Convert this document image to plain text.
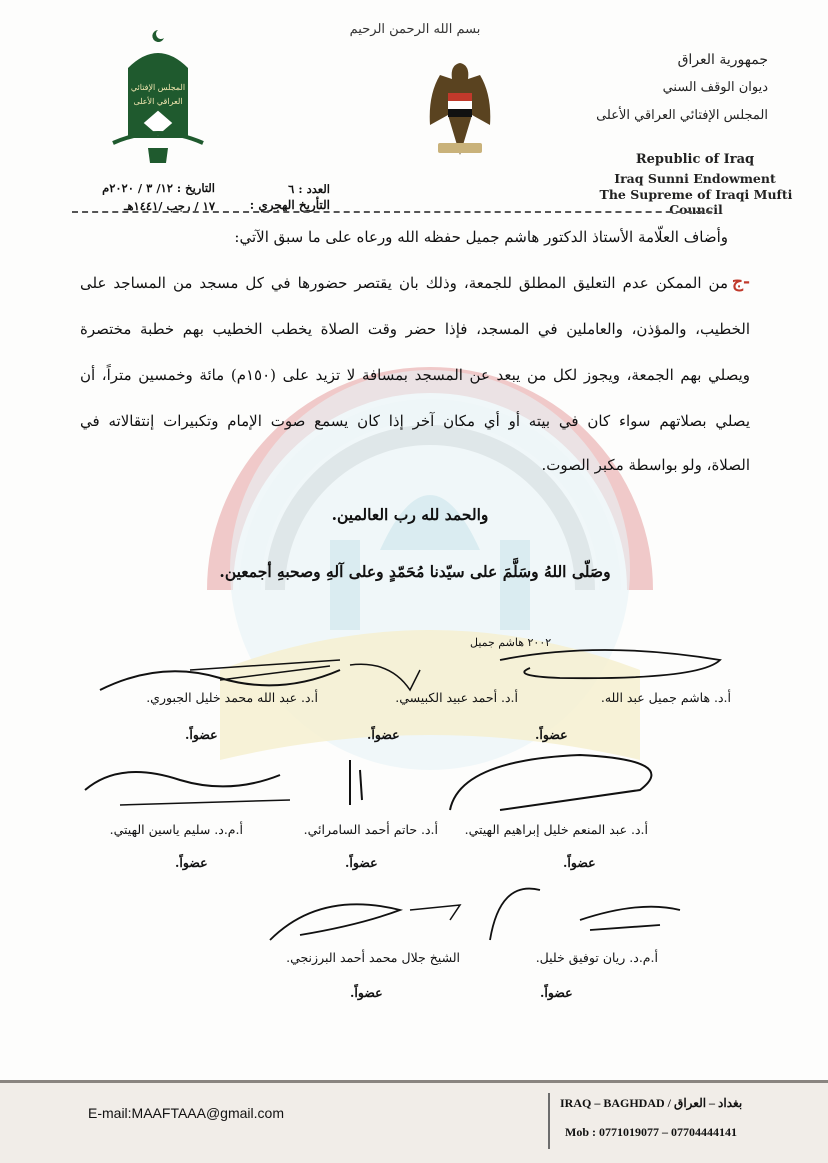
بسم الله الرحمن الرحيم
المجلس الإفتائي
العراقي الأعلى
جمهورية العراق
ديوان الوقف السني
المجلس الإفتائي العراقي الأعلى
Republic of Iraq
Iraq Sunni Endowment
The Supreme of Iraqi Mufti Council
العدد : ٦
التأريخ الهجري :
التاريخ : ١٢/ ٣ / ٢٠٢٠م
١٧ / رجب /١٤٤١هـ
وأضاف العلّامة الأستاذ الدكتور هاشم جميل حفظه الله ورعاه على ما سبق الآتي:
ج-
من الممكن عدم التعليق المطلق للجمعة، وذلك بان يقتصر حضورها في كل مسجد من المساجد على
الخطيب، والمؤذن، والعاملين في المسجد، فإذا حضر وقت الصلاة يخطب الخطيب بهم خطبة مختصرة
ويصلي بهم الجمعة، ويجوز لكل من يبعد عن المسجد بمسافة لا تزيد على (١٥٠م) مائة وخمسين متراً، أن
يصلي بصلاتهم سواء كان في بيته أو أي مكان آخر إذا كان يسمع صوت الإمام وتكبيرات إنتقالاته في
الصلاة، ولو بواسطة مكبر الصوت.
والحمد لله رب العالمين.
وصَلّى اللهُ وسَلَّمَ على سيّدنا مُحَمّدٍ وعلى آلهِ وصحبهِ أجمعين.
٢٠٠٢ هاشم جميل
أ.د. هاشم جميل عبد الله.
أ.د. أحمد عبيد الكبيسي.
أ.د. عبد الله محمد خليل الجبوري.
عضواً.
عضواً.
عضواً.
أ.د. عبد المنعم خليل إبراهيم الهيتي.
أ.د. حاتم أحمد السامرائي.
أ.م.د. سليم ياسين الهيتي.
عضواً.
عضواً.
عضواً.
أ.م.د. ريان توفيق خليل.
الشيخ جلال محمد أحمد البرزنجي.
عضواً.
عضواً.
E-mail:MAAFTAAA@gmail.com
IRAQ – BAGHDAD / بغداد – العراق
Mob : 0771019077 – 07704444141
